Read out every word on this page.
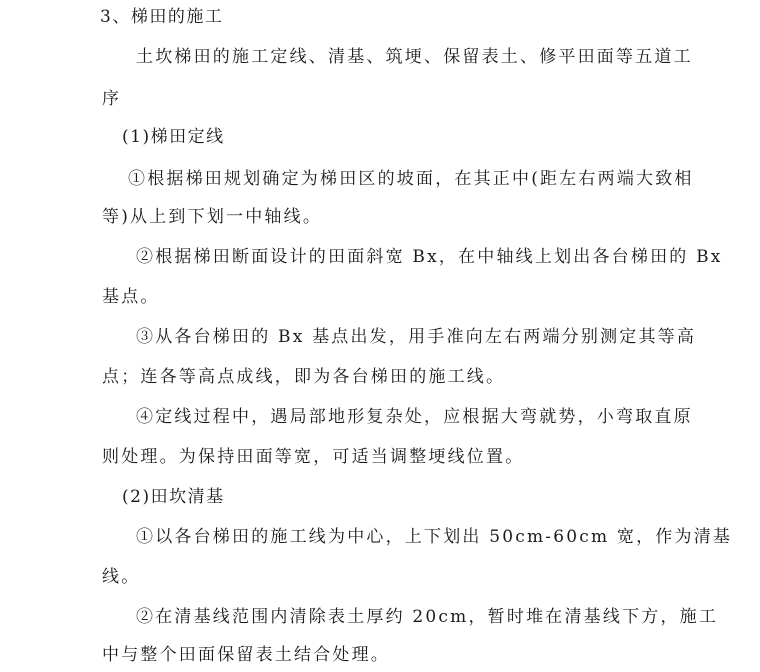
3、梯田的施工
土坎梯田的施工定线、清基、筑埂、保留表土、修平田面等五道工
序
(1)梯田定线
①根据梯田规划确定为梯田区的坡面，在其正中(距左右两端大致相
等)从上到下划一中轴线。
②根据梯田断面设计的田面斜宽 Bx，在中轴线上划出各台梯田的 Bx
基点。
③从各台梯田的 Bx 基点出发，用手准向左右两端分别测定其等高
点；连各等高点成线，即为各台梯田的施工线。
④定线过程中，遇局部地形复杂处，应根据大弯就势，小弯取直原
则处理。为保持田面等宽，可适当调整埂线位置。
(2)田坎清基
①以各台梯田的施工线为中心，上下划出 50cm-60cm 宽，作为清基
线。
②在清基线范围内清除表土厚约 20cm，暂时堆在清基线下方，施工
中与整个田面保留表土结合处理。
